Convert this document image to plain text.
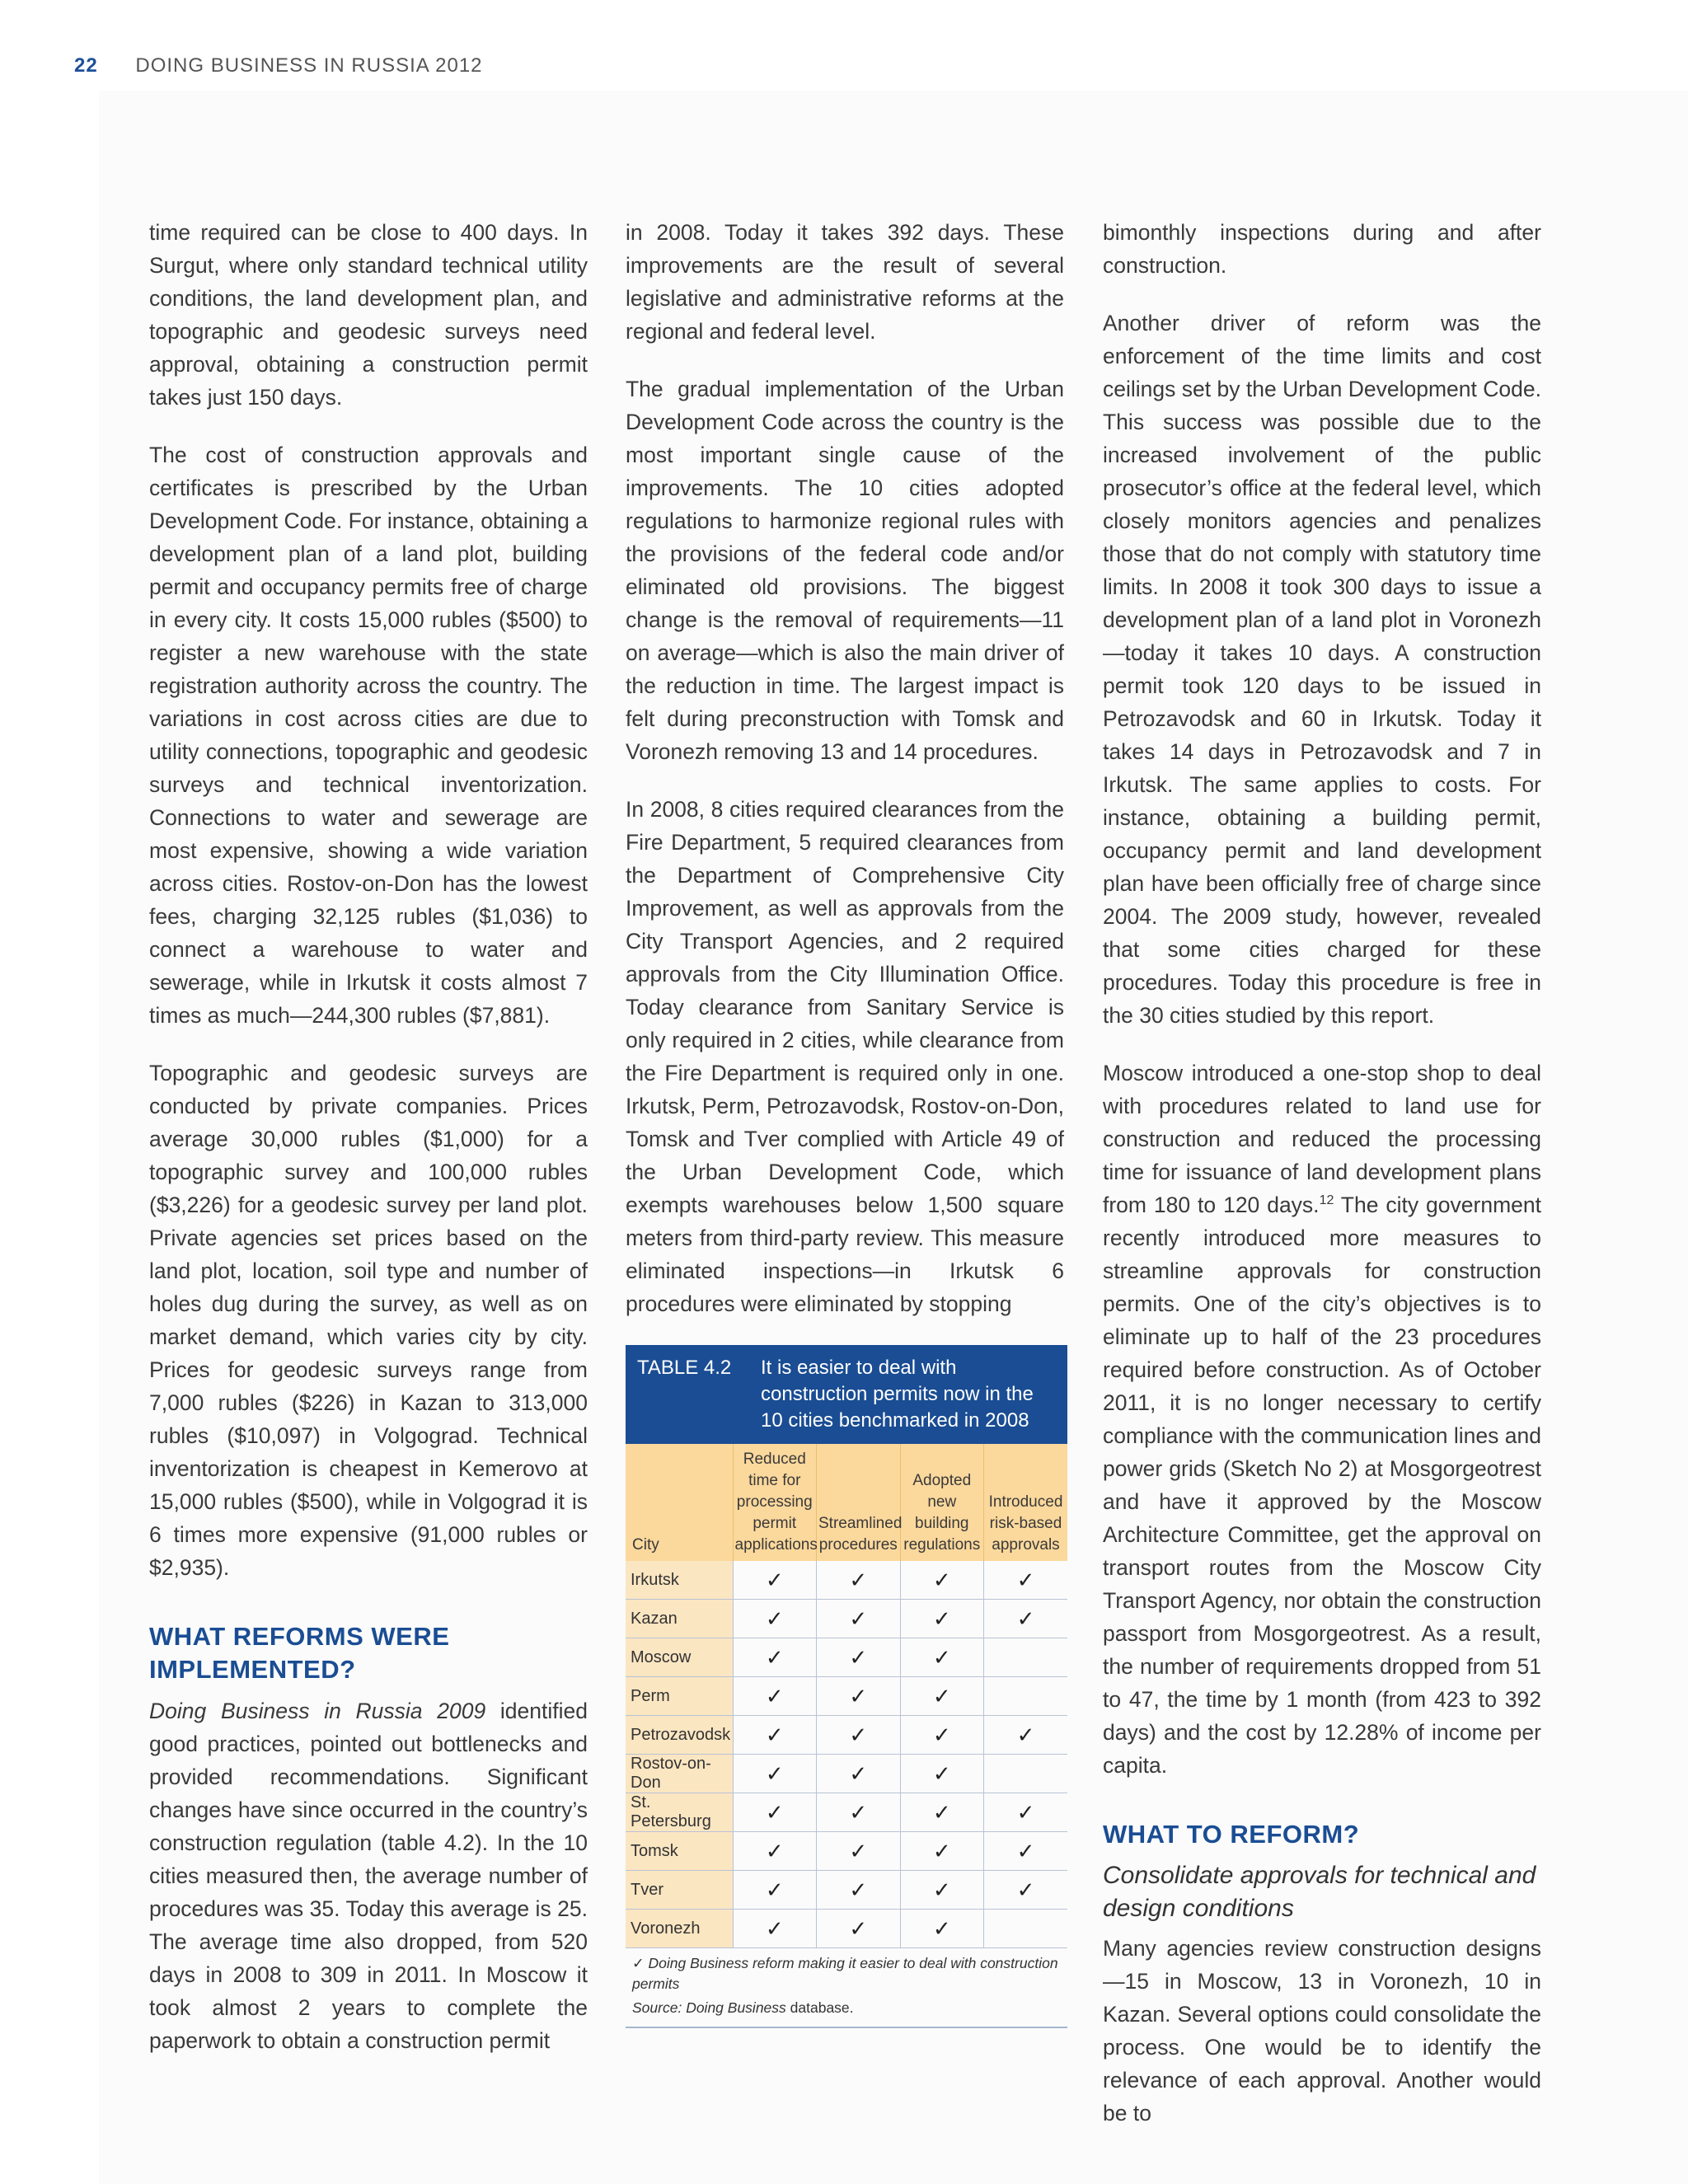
22 DOING BUSINESS IN RUSSIA 2012

time required can be close to 400 days. In Surgut, where only standard technical utility conditions, the land development plan, and topographic and geodesic surveys need approval, obtaining a construction permit takes just 150 days.

The cost of construction approvals and certificates is prescribed by the Urban Development Code. For instance, obtaining a development plan of a land plot, building permit and occupancy permits free of charge in every city. It costs 15,000 rubles ($500) to register a new warehouse with the state registration authority across the country. The variations in cost across cities are due to utility connections, topographic and geodesic surveys and technical inventorization. Connections to water and sewerage are most expensive, showing a wide variation across cities. Rostov-on-Don has the lowest fees, charging 32,125 rubles ($1,036) to connect a warehouse to water and sewerage, while in Irkutsk it costs almost 7 times as much—244,300 rubles ($7,881).

Topographic and geodesic surveys are conducted by private companies. Prices average 30,000 rubles ($1,000) for a topographic survey and 100,000 rubles ($3,226) for a geodesic survey per land plot. Private agencies set prices based on the land plot, location, soil type and number of holes dug during the survey, as well as on market demand, which varies city by city. Prices for geodesic surveys range from 7,000 rubles ($226) in Kazan to 313,000 rubles ($10,097) in Volgograd. Technical inventorization is cheapest in Kemerovo at 15,000 rubles ($500), while in Volgograd it is 6 times more expensive (91,000 rubles or $2,935).

WHAT REFORMS WERE IMPLEMENTED?

Doing Business in Russia 2009 identified good practices, pointed out bottlenecks and provided recommendations. Significant changes have since occurred in the country’s construction regulation (table 4.2). In the 10 cities measured then, the average number of procedures was 35. Today this average is 25. The average time also dropped, from 520 days in 2008 to 309 in 2011. In Moscow it took almost 2 years to complete the paperwork to obtain a construction permit

in 2008. Today it takes 392 days. These improvements are the result of several legislative and administrative reforms at the regional and federal level.

The gradual implementation of the Urban Development Code across the country is the most important single cause of the improvements. The 10 cities adopted regulations to harmonize regional rules with the provisions of the federal code and/or eliminated old provisions. The biggest change is the removal of requirements—11 on average—which is also the main driver of the reduction in time. The largest impact is felt during preconstruction with Tomsk and Voronezh removing 13 and 14 procedures.

In 2008, 8 cities required clearances from the Fire Department, 5 required clearances from the Department of Comprehensive City Improvement, as well as approvals from the City Transport Agencies, and 2 required approvals from the City Illumination Office. Today clearance from Sanitary Service is only required in 2 cities, while clearance from the Fire Department is required only in one. Irkutsk, Perm, Petrozavodsk, Rostov-on-Don, Tomsk and Tver complied with Article 49 of the Urban Development Code, which exempts warehouses below 1,500 square meters from third-party review. This measure eliminated inspections—in Irkutsk 6 procedures were eliminated by stopping

TABLE 4.2	It is easier to deal with construction permits now in the 10 cities benchmarked in 2008
City	Reduced time for processing permit applications	Streamlined procedures	Adopted new building regulations	Introduced risk-based approvals
Irkutsk	✓	✓	✓	✓
Kazan	✓	✓	✓	✓
Moscow	✓	✓	✓	
Perm	✓	✓	✓	
Petrozavodsk	✓	✓	✓	✓
Rostov-on-Don	✓	✓	✓	
St. Petersburg	✓	✓	✓	✓
Tomsk	✓	✓	✓	✓
Tver	✓	✓	✓	✓
Voronezh	✓	✓	✓	
✓ Doing Business reform making it easier to deal with construction permits
Source: Doing Business database.

bimonthly inspections during and after construction.

Another driver of reform was the enforcement of the time limits and cost ceilings set by the Urban Development Code. This success was possible due to the increased involvement of the public prosecutor’s office at the federal level, which closely monitors agencies and penalizes those that do not comply with statutory time limits. In 2008 it took 300 days to issue a development plan of a land plot in Voronezh—today it takes 10 days. A construction permit took 120 days to be issued in Petrozavodsk and 60 in Irkutsk. Today it takes 14 days in Petrozavodsk and 7 in Irkutsk. The same applies to costs. For instance, obtaining a building permit, occupancy permit and land development plan have been officially free of charge since 2004. The 2009 study, however, revealed that some cities charged for these procedures. Today this procedure is free in the 30 cities studied by this report.

Moscow introduced a one-stop shop to deal with procedures related to land use for construction and reduced the processing time for issuance of land development plans from 180 to 120 days.$^{12}$ The city government recently introduced more measures to streamline approvals for construction permits. One of the city’s objectives is to eliminate up to half of the 23 procedures required before construction. As of October 2011, it is no longer necessary to certify compliance with the communication lines and power grids (Sketch No 2) at Mosgorgeotrest and have it approved by the Moscow Architecture Committee, get the approval on transport routes from the Moscow City Transport Agency, nor obtain the construction passport from Mosgorgeotrest. As a result, the number of requirements dropped from 51 to 47, the time by 1 month (from 423 to 392 days) and the cost by 12.28% of income per capita.

WHAT TO REFORM?
Consolidate approvals for technical and design conditions

Many agencies review construction designs—15 in Moscow, 13 in Voronezh, 10 in Kazan. Several options could consolidate the process. One would be to identify the relevance of each approval. Another would be to
